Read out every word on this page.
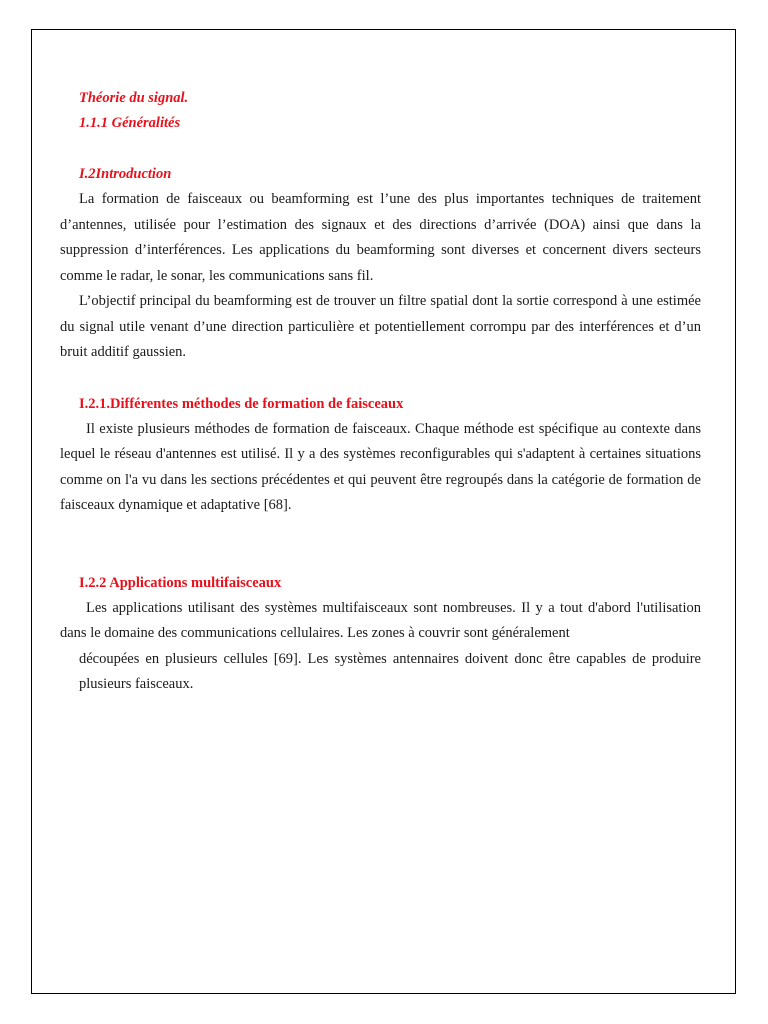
Théorie du signal.

1.1.1 Généralités

I.2Introduction

La formation de faisceaux ou beamforming est l’une des plus importantes techniques de traitement d’antennes, utilisée pour l’estimation des signaux et des directions d’arrivée (DOA) ainsi que dans la suppression d’interférences. Les applications du beamforming sont diverses et concernent divers secteurs comme le radar, le sonar, les communications sans fil.

L’objectif principal du beamforming est de trouver un filtre spatial dont la sortie correspond à une estimée du signal utile venant d’une direction particulière et potentiellement corrompu par des interférences et d’un bruit additif gaussien.

I.2.1.Différentes méthodes de formation de faisceaux

Il existe plusieurs méthodes de formation de faisceaux. Chaque méthode est spécifique au contexte dans lequel le réseau d'antennes est utilisé. Il y a des systèmes reconfigurables qui s'adaptent à certaines situations comme on l'a vu dans les sections précédentes et qui peuvent être regroupés dans la catégorie de formation de faisceaux dynamique et adaptative [68].

I.2.2 Applications multifaisceaux

Les applications utilisant des systèmes multifaisceaux sont nombreuses. Il y a tout d'abord l'utilisation dans le domaine des communications cellulaires. Les zones à couvrir sont généralement

découpées en plusieurs cellules [69]. Les systèmes antennaires doivent donc être capables de produire plusieurs faisceaux.
